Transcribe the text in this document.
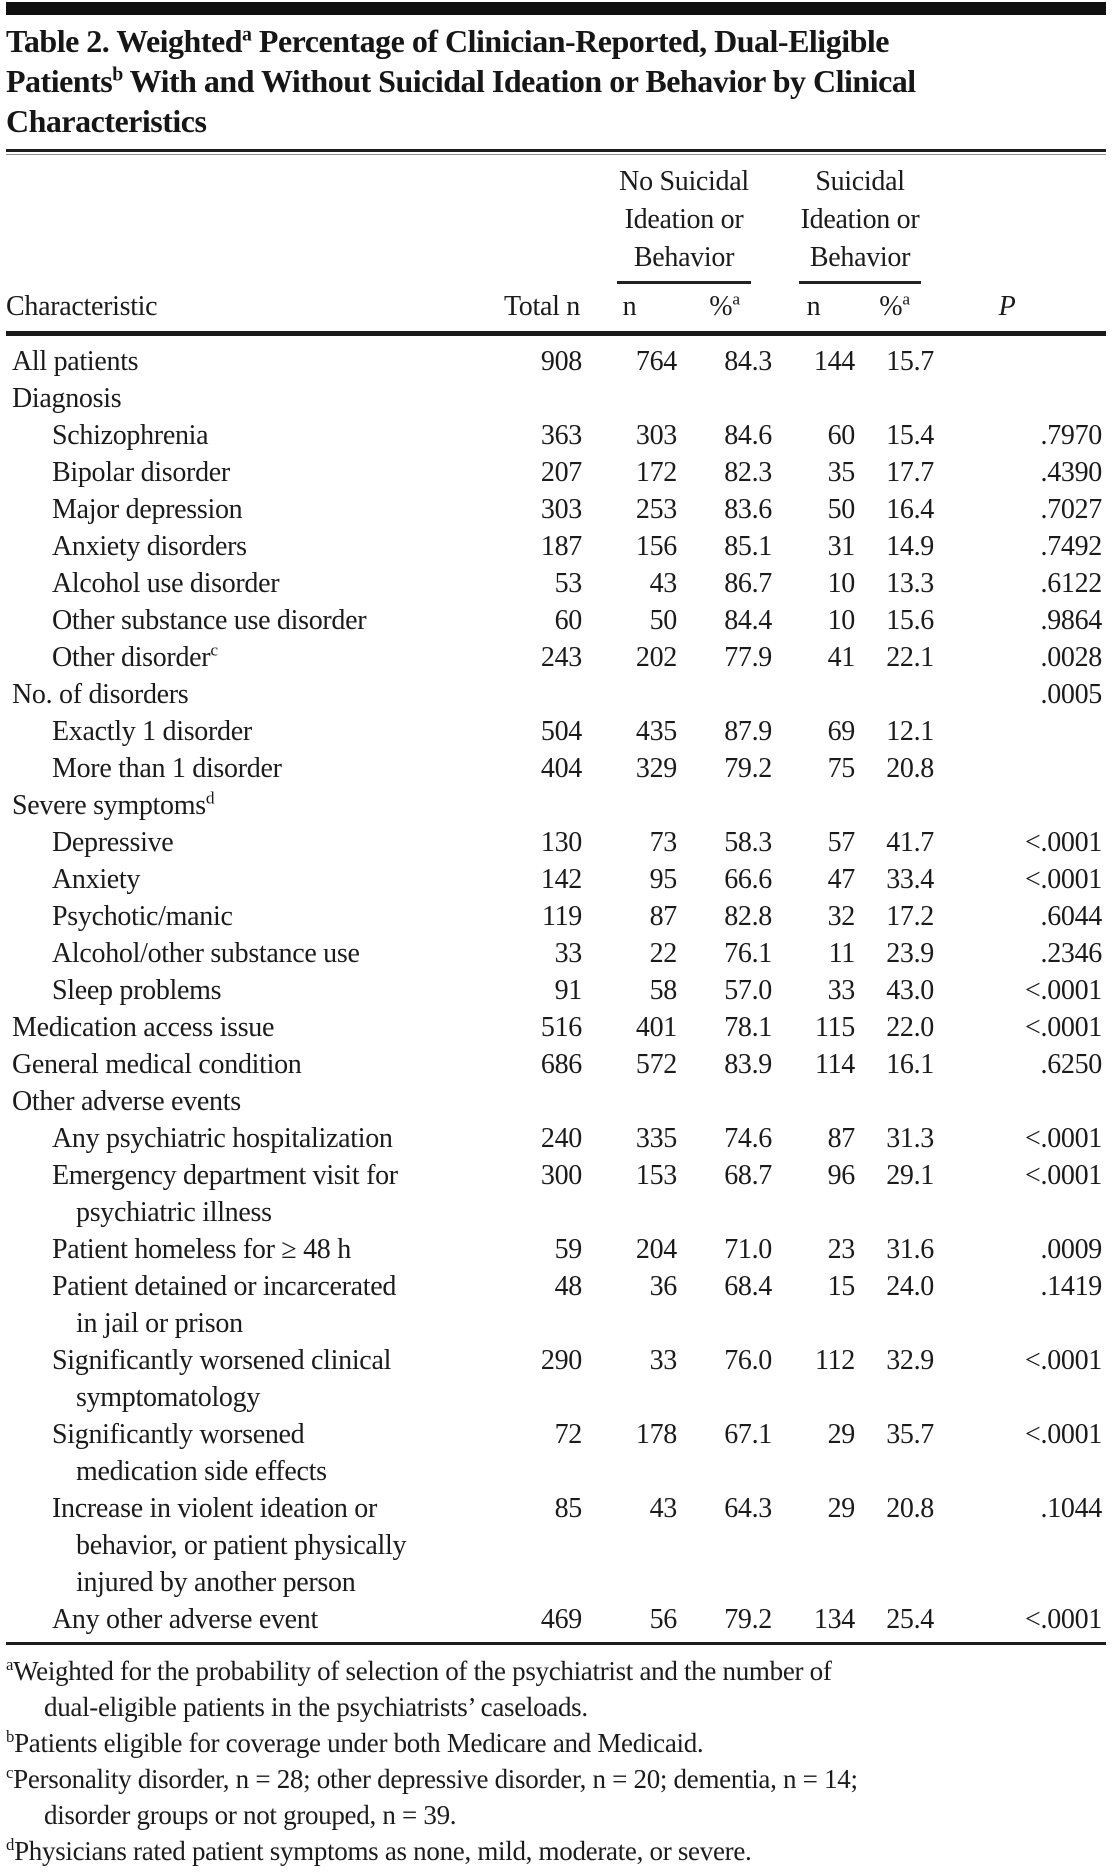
Table 2. Weighted$^a$ Percentage of Clinician-Reported, Dual-Eligible
Patients$^b$ With and Without Suicidal Ideation or Behavior by Clinical
Characteristics
		No Suicidal
Ideation or
Behavior		Suicidal
Ideation or
Behavior		
Characteristic	Total n	n	%$^a$	n	%$^a$	P

All patients	908	764	84.3	144	15.7	

Diagnosis						

Schizophrenia	363	303	84.6	60	15.4	.7970

Bipolar disorder	207	172	82.3	35	17.7	.4390

Major depression	303	253	83.6	50	16.4	.7027

Anxiety disorders	187	156	85.1	31	14.9	.7492

Alcohol use disorder	53	43	86.7	10	13.3	.6122

Other substance use disorder	60	50	84.4	10	15.6	.9864

Other disorder$^c$	243	202	77.9	41	22.1	.0028

No. of disorders						.0005

Exactly 1 disorder	504	435	87.9	69	12.1	

More than 1 disorder	404	329	79.2	75	20.8	

Severe symptoms$^d$

Depressive	130	73	58.3	57	41.7	<.0001

Anxiety	142	95	66.6	47	33.4	<.0001

Psychotic/manic	119	87	82.8	32	17.2	.6044

Alcohol/other substance use	33	22	76.1	11	23.9	.2346

Sleep problems	91	58	57.0	33	43.0	<.0001

Medication access issue	516	401	78.1	115	22.0	<.0001

General medical condition	686	572	83.9	114	16.1	.6250

Other adverse events						

Any psychiatric hospitalization	240	335	74.6	87	31.3	<.0001

Emergency department visit for
psychiatric illness	300	153	68.7	96	29.1	<.0001

Patient homeless for ≥ 48 h	59	204	71.0	23	31.6	.0009

Patient detained or incarcerated
in jail or prison	48	36	68.4	15	24.0	.1419

Significantly worsened clinical
symptomatology	290	33	76.0	112	32.9	<.0001

Significantly worsened
medication side effects	72	178	67.1	29	35.7	<.0001

Increase in violent ideation or
behavior, or patient physically
injured by another person	85	43	64.3	29	20.8	.1044

Any other adverse event	469	56	79.2	134	25.4	<.0001
$^a$Weighted for the probability of selection of the psychiatrist and the number of
dual-eligible patients in the psychiatrists’ caseloads.
$^b$Patients eligible for coverage under both Medicare and Medicaid.
$^c$Personality disorder, n = 28; other depressive disorder, n = 20; dementia, n = 14;
disorder groups or not grouped, n = 39.
$^d$Physicians rated patient symptoms as none, mild, moderate, or severe.
